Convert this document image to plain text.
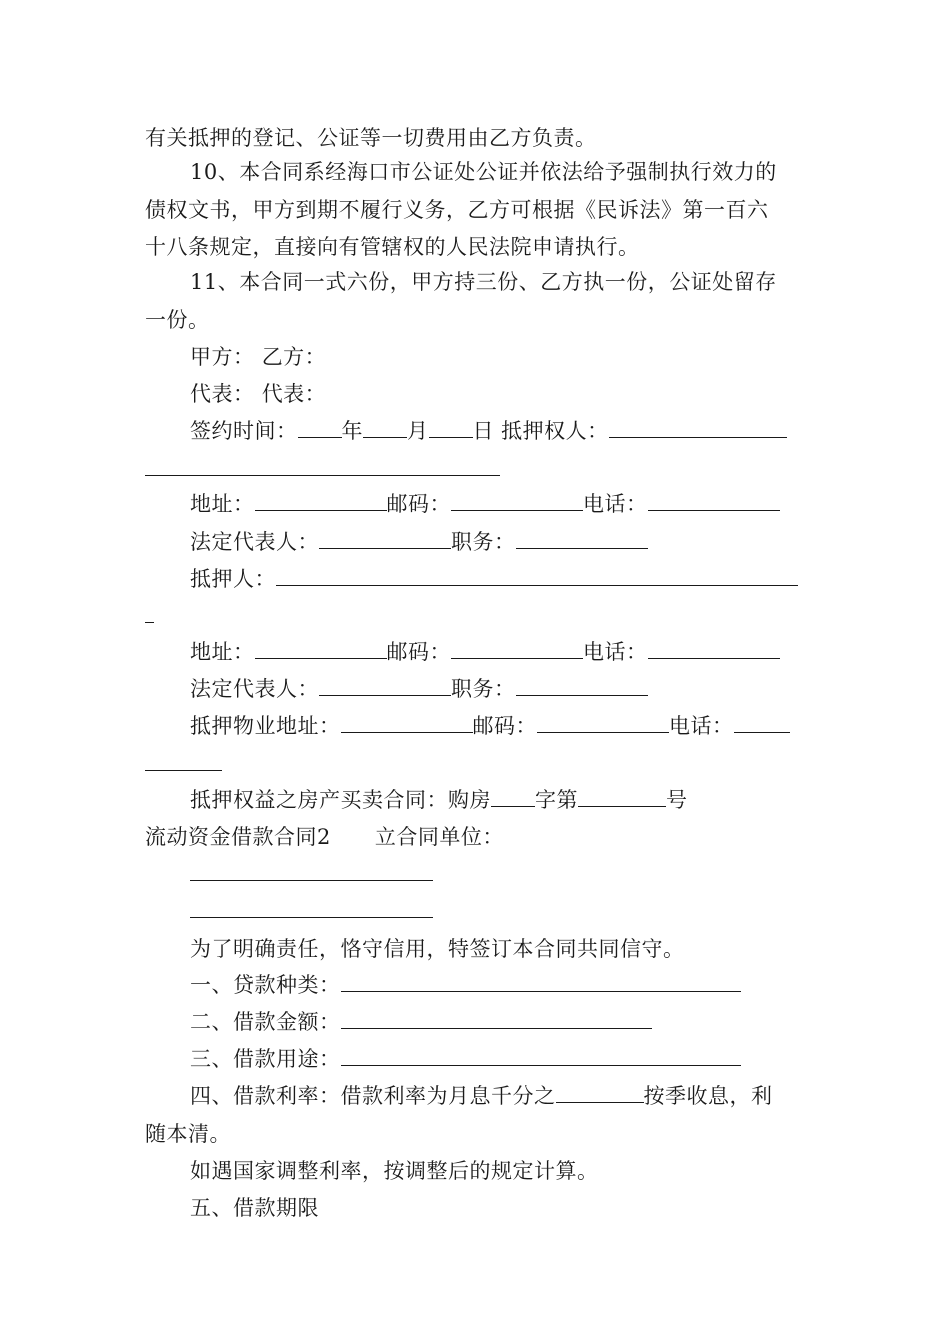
有关抵押的登记、公证等一切费用由乙方负责。
10、本合同系经海口市公证处公证并依法给予强制执行效力的
债权文书，甲方到期不履行义务，乙方可根据《民诉法》第一百六
十八条规定，直接向有管辖权的人民法院申请执行。
11、本合同一式六份，甲方持三份、乙方执一份，公证处留存
一份。
甲方： 乙方：
代表： 代表：
签约时间： 年 月 日 抵押权人：
地址：	邮码：	电话：
法定代表人：	职务：
抵押人：
地址：	邮码：	电话：
法定代表人：	职务：
抵押物业地址：	邮码：	电话：
抵押权益之房产买卖合同：购房 字第	号
流动资金借款合同2 立合同单位：
为了明确责任，恪守信用，特签订本合同共同信守。
一、贷款种类：
二、借款金额：
三、借款用途：
四、借款利率：借款利率为月息千分之	按季收息，利
随本清。
如遇国家调整利率，按调整后的规定计算。
五、借款期限
